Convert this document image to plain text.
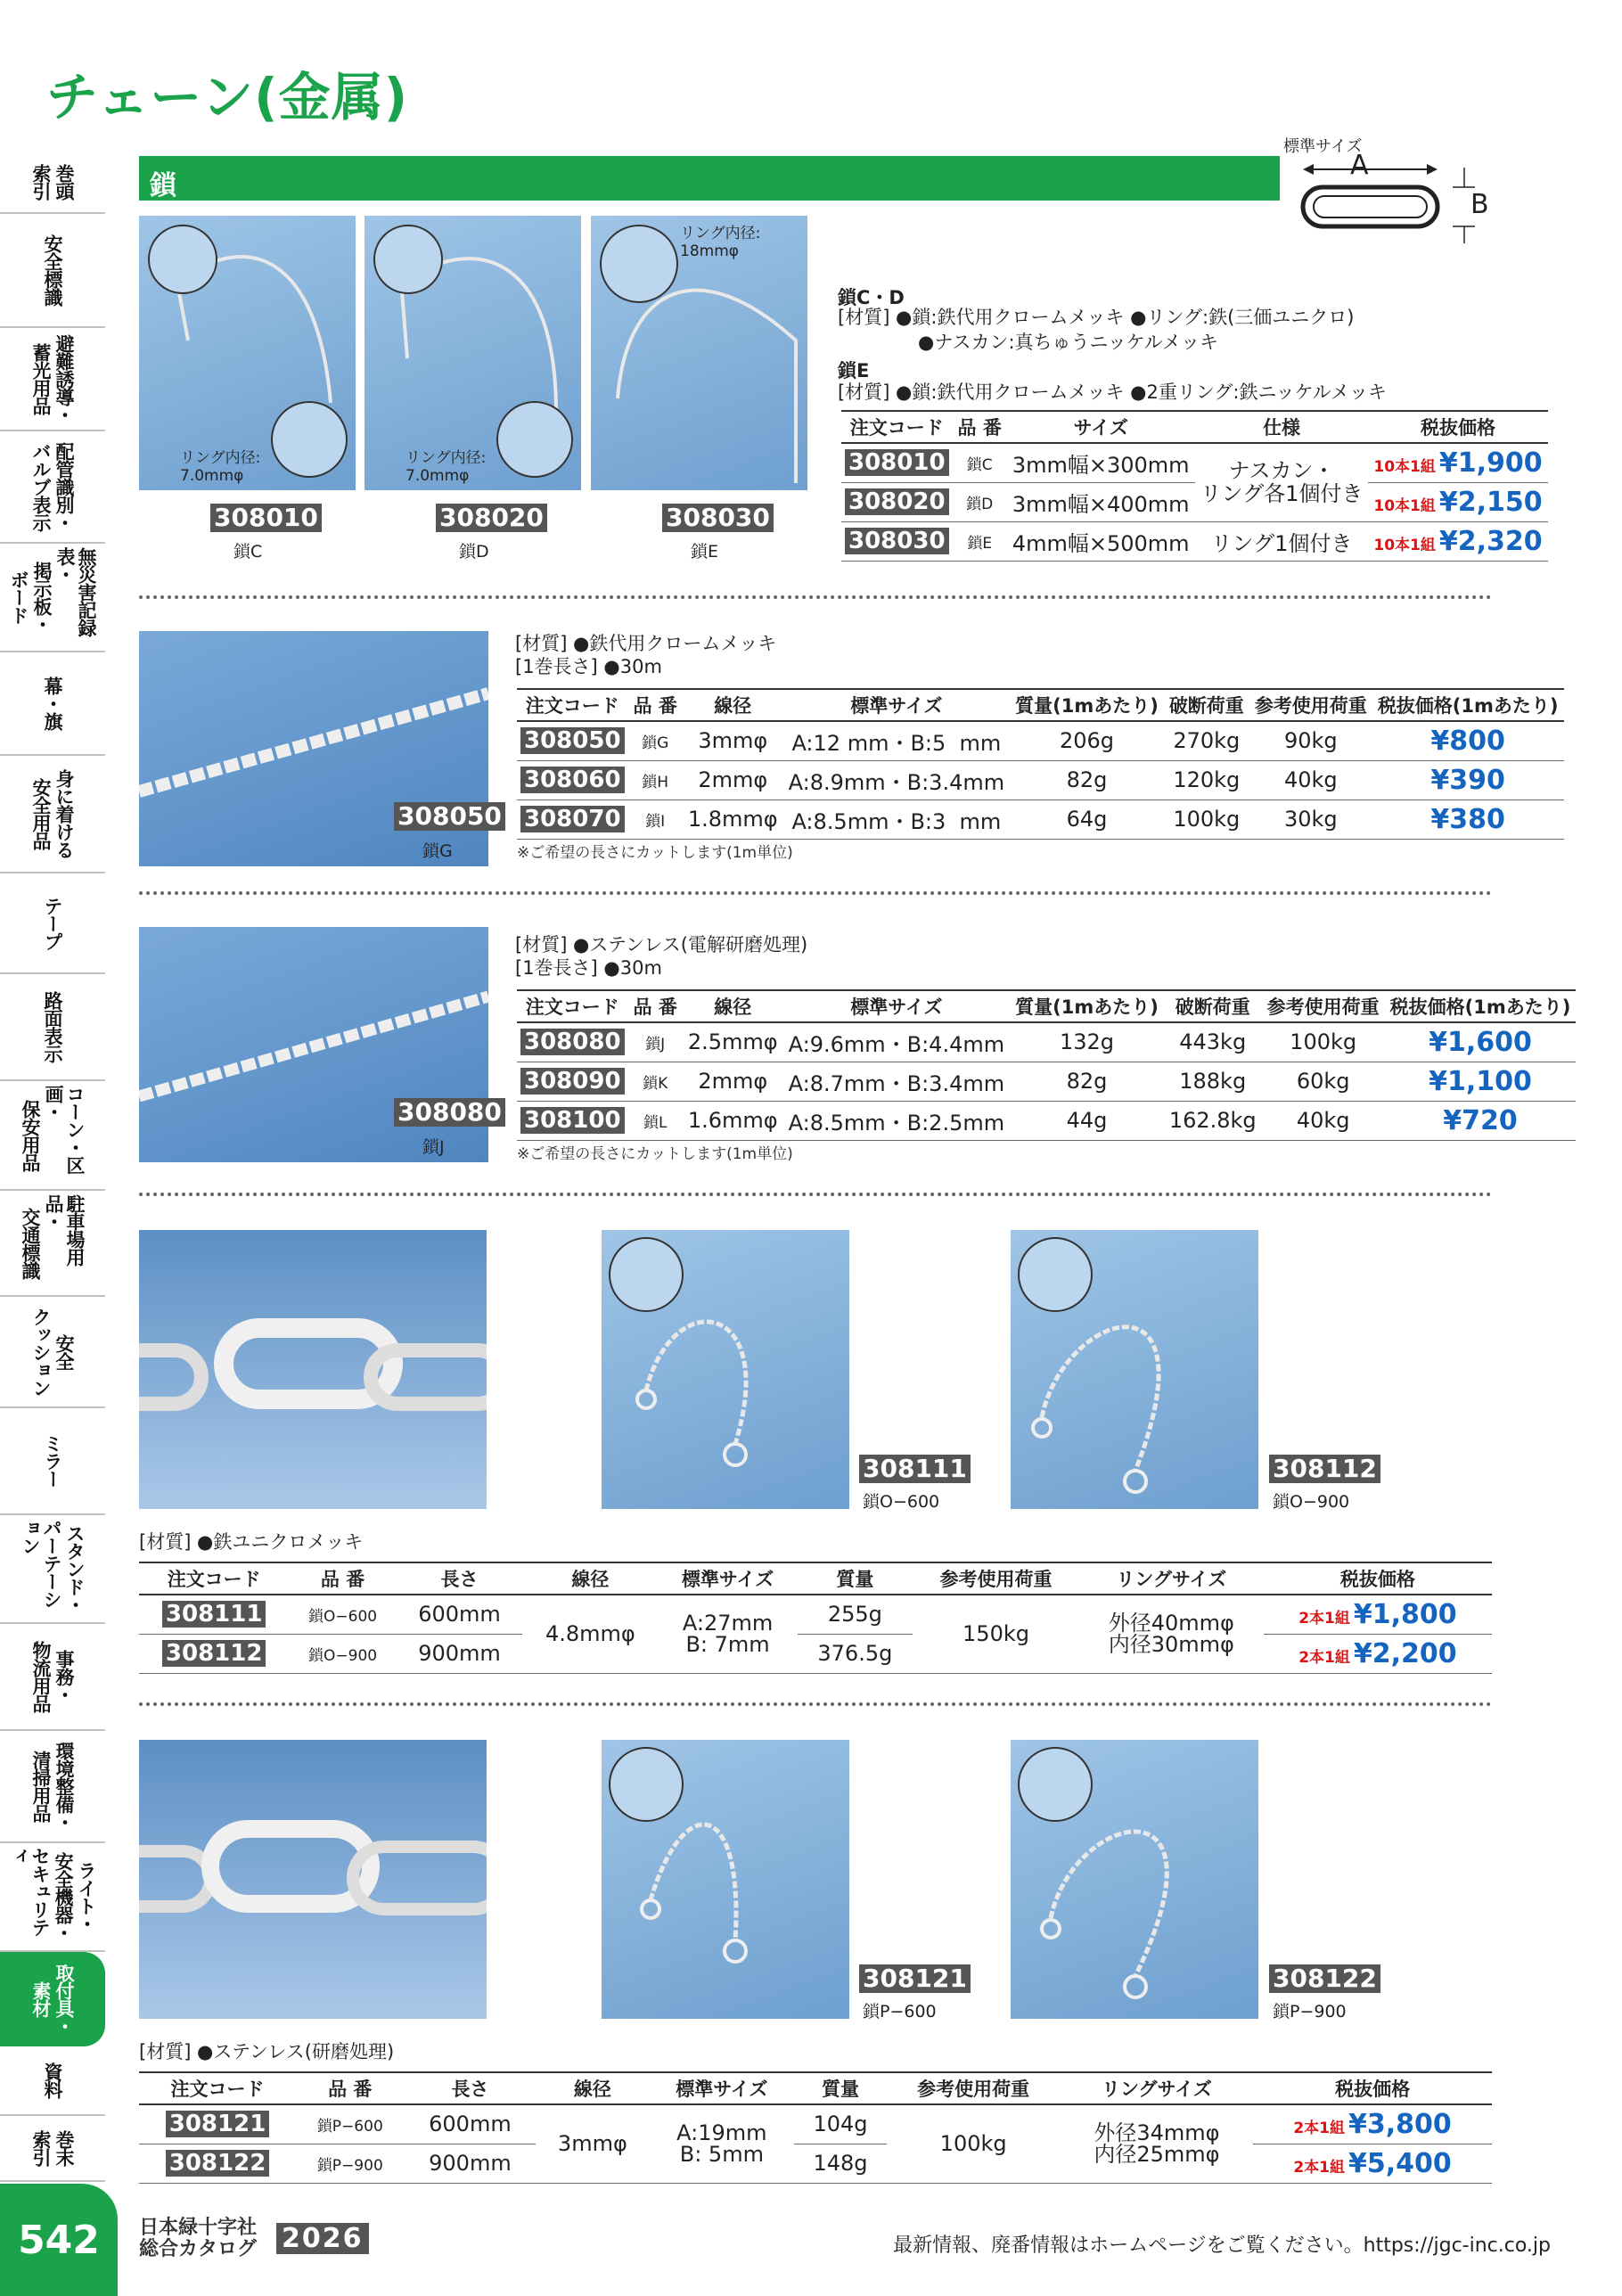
チェーン(金属)
巻頭
索引
安全標識
避難誘導・
蓄光用品
配管識別・
バルブ表示
無災害記録表・
掲示板・
ボード
幕・旗
身に着ける
安全用品
テープ
路面表示
コーン・区画・
保安用品
駐車場用品・
交通標識
安全
クッション
ミラー
スタンド・
パーテーション
事務・
物流用品
環境整備・
清掃用品
ライト・
安全機器・
セキュリティ
取付具・
素材
資料
巻末
索引
鎖
標準サイズ
A
B
リング内径:
7.0mmφ
308010
鎖C
リング内径:
7.0mmφ
308020
鎖D
リング内径:
18mmφ
308030
鎖E
鎖C・D
[材質] ●鎖:鉄代用クロームメッキ ●リング:鉄(三価ユニクロ)
●ナスカン:真ちゅうニッケルメッキ
鎖E
[材質] ●鎖:鉄代用クロームメッキ ●2重リング:鉄ニッケルメッキ
注文コード	品 番	サイズ	仕様	税抜価格
308010	鎖C	3mm幅×300mm	ナスカン・
リング各1個付き	10本1組 ¥1,900
308020	鎖D	3mm幅×400mm		10本1組 ¥2,150
308030	鎖E	4mm幅×500mm	リング1個付き	10本1組 ¥2,320
308050
鎖G
[材質] ●鉄代用クロームメッキ
[1巻長さ] ●30m
注文コード	品 番	線径	標準サイズ	質量(1mあたり)	破断荷重	参考使用荷重	税抜価格(1mあたり)
308050	鎖G	3mmφ	A:12 mm・B:5  mm	206g	270kg	90kg	¥800
308060	鎖H	2mmφ	A:8.9mm・B:3.4mm	82g	120kg	40kg	¥390
308070	鎖I	1.8mmφ	A:8.5mm・B:3  mm	64g	100kg	30kg	¥380
※ご希望の長さにカットします(1m単位)
308080
鎖J
[材質] ●ステンレス(電解研磨処理)
[1巻長さ] ●30m
注文コード	品 番	線径	標準サイズ	質量(1mあたり)	破断荷重	参考使用荷重	税抜価格(1mあたり)
308080	鎖J	2.5mmφ	A:9.6mm・B:4.4mm	132g	443kg	100kg	¥1,600
308090	鎖K	2mmφ	A:8.7mm・B:3.4mm	82g	188kg	60kg	¥1,100
308100	鎖L	1.6mmφ	A:8.5mm・B:2.5mm	44g	162.8kg	40kg	¥720
※ご希望の長さにカットします(1m単位)
308111
鎖O−600
308112
鎖O−900
[材質] ●鉄ユニクロメッキ
注文コード	品 番	長さ	線径	標準サイズ	質量	参考使用荷重	リングサイズ	税抜価格
308111	鎖O−600	600mm	4.8mmφ	A:27mm
B: 7mm	255g	150kg	外径40mmφ
内径30mmφ	2本1組 ¥1,800
308112	鎖O−900	900mm			376.5g			2本1組 ¥2,200
308121
鎖P−600
308122
鎖P−900
[材質] ●ステンレス(研磨処理)
注文コード	品 番	長さ	線径	標準サイズ	質量	参考使用荷重	リングサイズ	税抜価格
308121	鎖P−600	600mm	3mmφ	A:19mm
B: 5mm	104g	100kg	外径34mmφ
内径25mmφ	2本1組 ¥3,800
308122	鎖P−900	900mm			148g			2本1組 ¥5,400
542	日本緑十字社
総合カタログ 2026	最新情報、廃番情報はホームページをご覧ください。https://jgc-inc.co.jp
